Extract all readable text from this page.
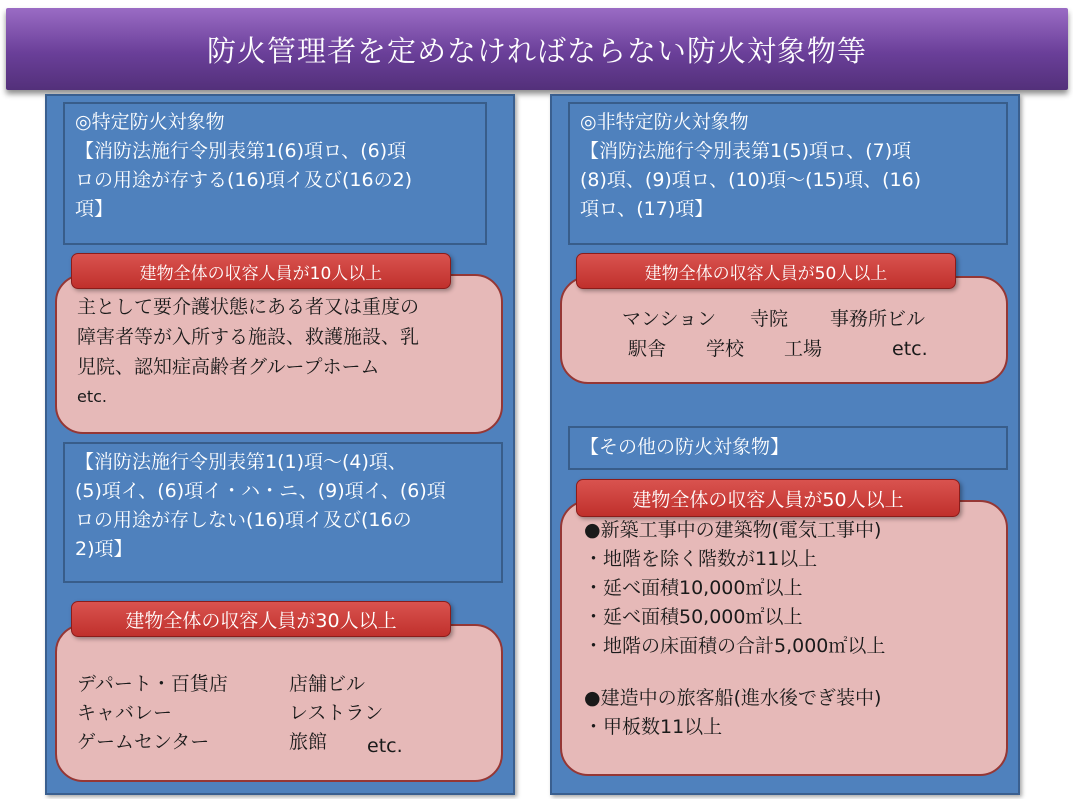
防火管理者を定めなければならない防火対象物等
◎特定防火対象物
【消防法施行令別表第1(6)項ロ、(6)項
ロの用途が存する(16)項イ及び(16の2)
項】
主として要介護状態にある者又は重度の
障害者等が入所する施設、救護施設、乳
児院、認知症高齢者グループホーム
etc.
建物全体の収容人員が10人以上
【消防法施行令別表第1(1)項〜(4)項、
(5)項イ、(6)項イ・ハ・ニ、(9)項イ、(6)項
ロの用途が存しない(16)項イ及び(16の
2)項】
デパート・百貨店
キャバレー
ゲームセンター
店舗ビル
レストラン
旅館	etc.
建物全体の収容人員が30人以上
◎非特定防火対象物
【消防法施行令別表第1(5)項ロ、(7)項
(8)項、(9)項ロ、(10)項〜(15)項、(16)
項ロ、(17)項】
マンション 寺院 事務所ビル
駅舎 学校 工場	etc.
建物全体の収容人員が50人以上
【その他の防火対象物】
●新築工事中の建築物(電気工事中)
・地階を除く階数が11以上
・延べ面積10,000㎡以上
・延べ面積50,000㎡以上
・地階の床面積の合計5,000㎡以上
●建造中の旅客船(進水後でぎ装中)
・甲板数11以上
建物全体の収容人員が50人以上
